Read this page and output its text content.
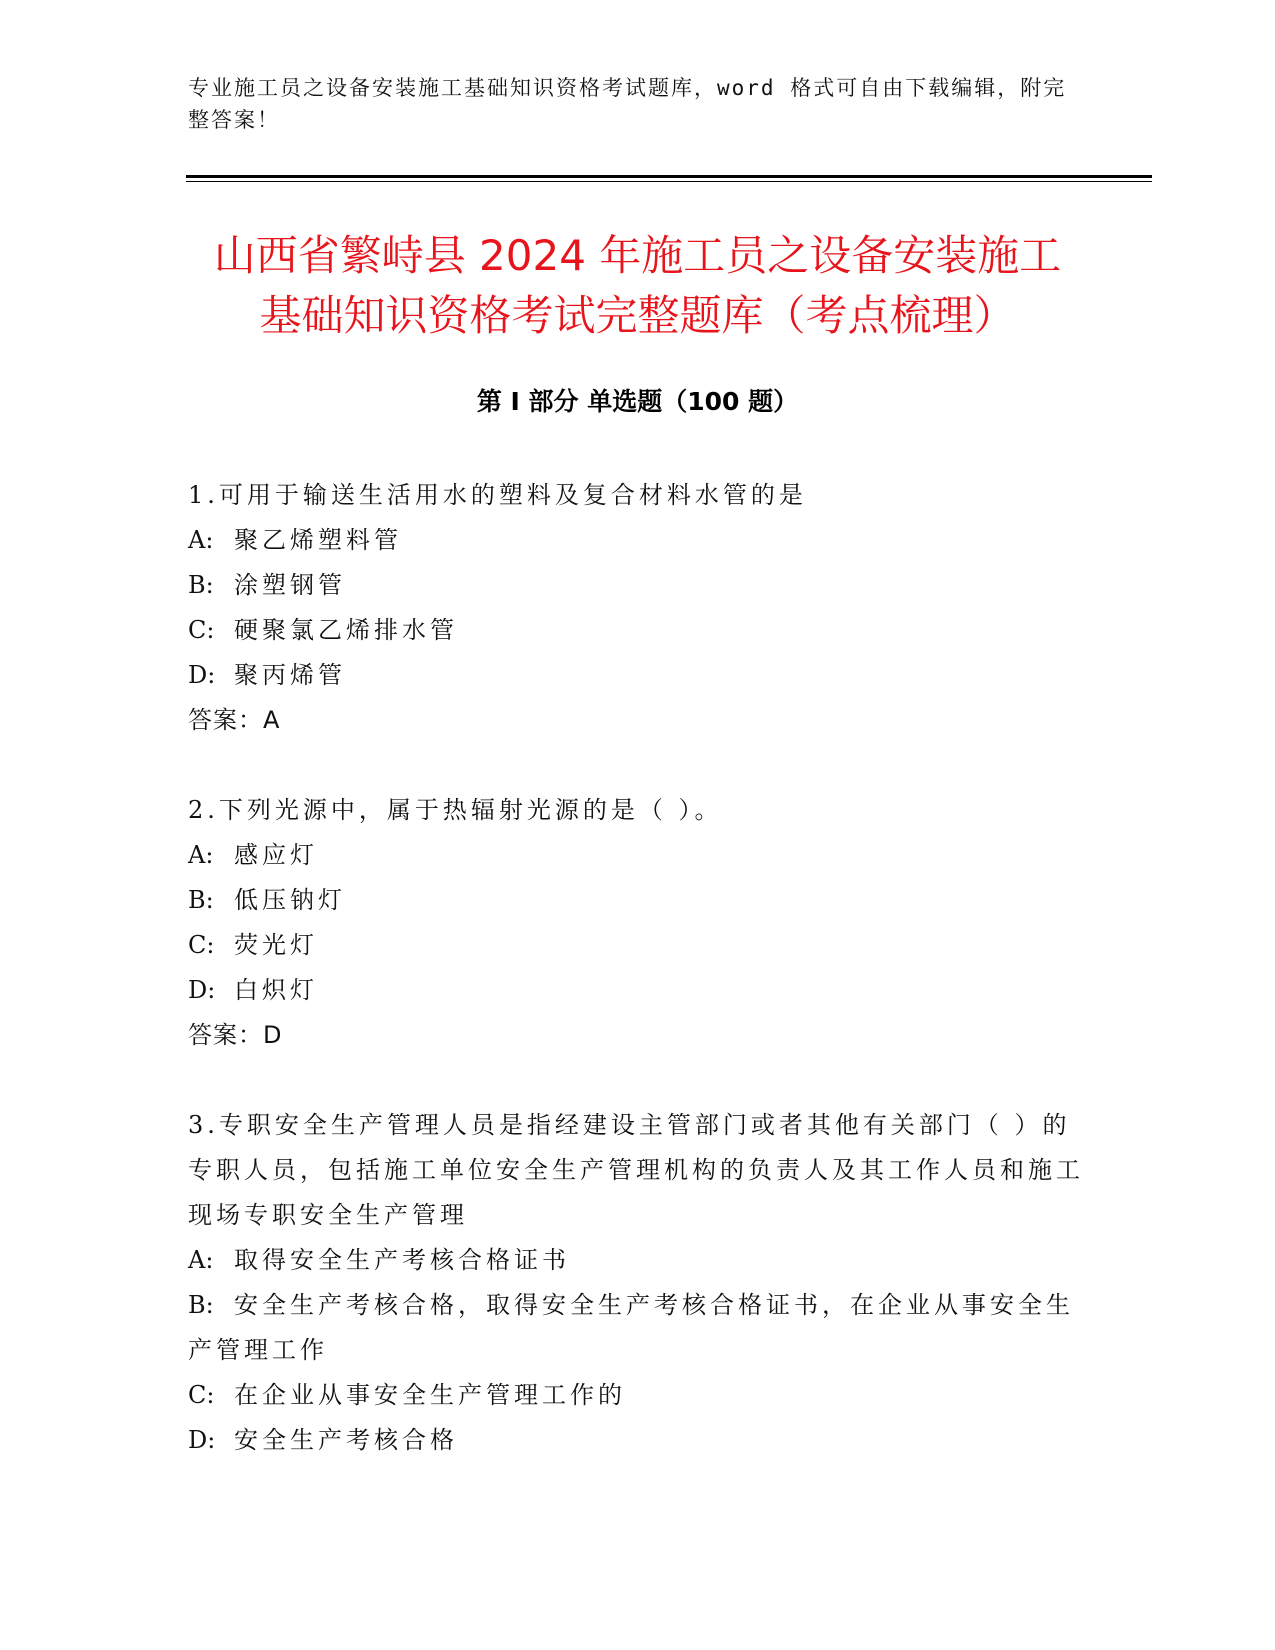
专业施工员之设备安装施工基础知识资格考试题库，word 格式可自由下载编辑，附完整答案！
山西省繁峙县 2024 年施工员之设备安装施工
基础知识资格考试完整题库（考点梳理）
第 I 部分 单选题（100 题）
1.可用于输送生活用水的塑料及复合材料水管的是
A: 聚乙烯塑料管
B: 涂塑钢管
C: 硬聚氯乙烯排水管
D: 聚丙烯管
答案：A
2.下列光源中，属于热辐射光源的是（ ）。
A: 感应灯
B: 低压钠灯
C: 荧光灯
D: 白炽灯
答案：D
3.专职安全生产管理人员是指经建设主管部门或者其他有关部门（ ）的专职人员，包括施工单位安全生产管理机构的负责人及其工作人员和施工现场专职安全生产管理
A: 取得安全生产考核合格证书
B: 安全生产考核合格，取得安全生产考核合格证书，在企业从事安全生产管理工作
C: 在企业从事安全生产管理工作的
D: 安全生产考核合格
